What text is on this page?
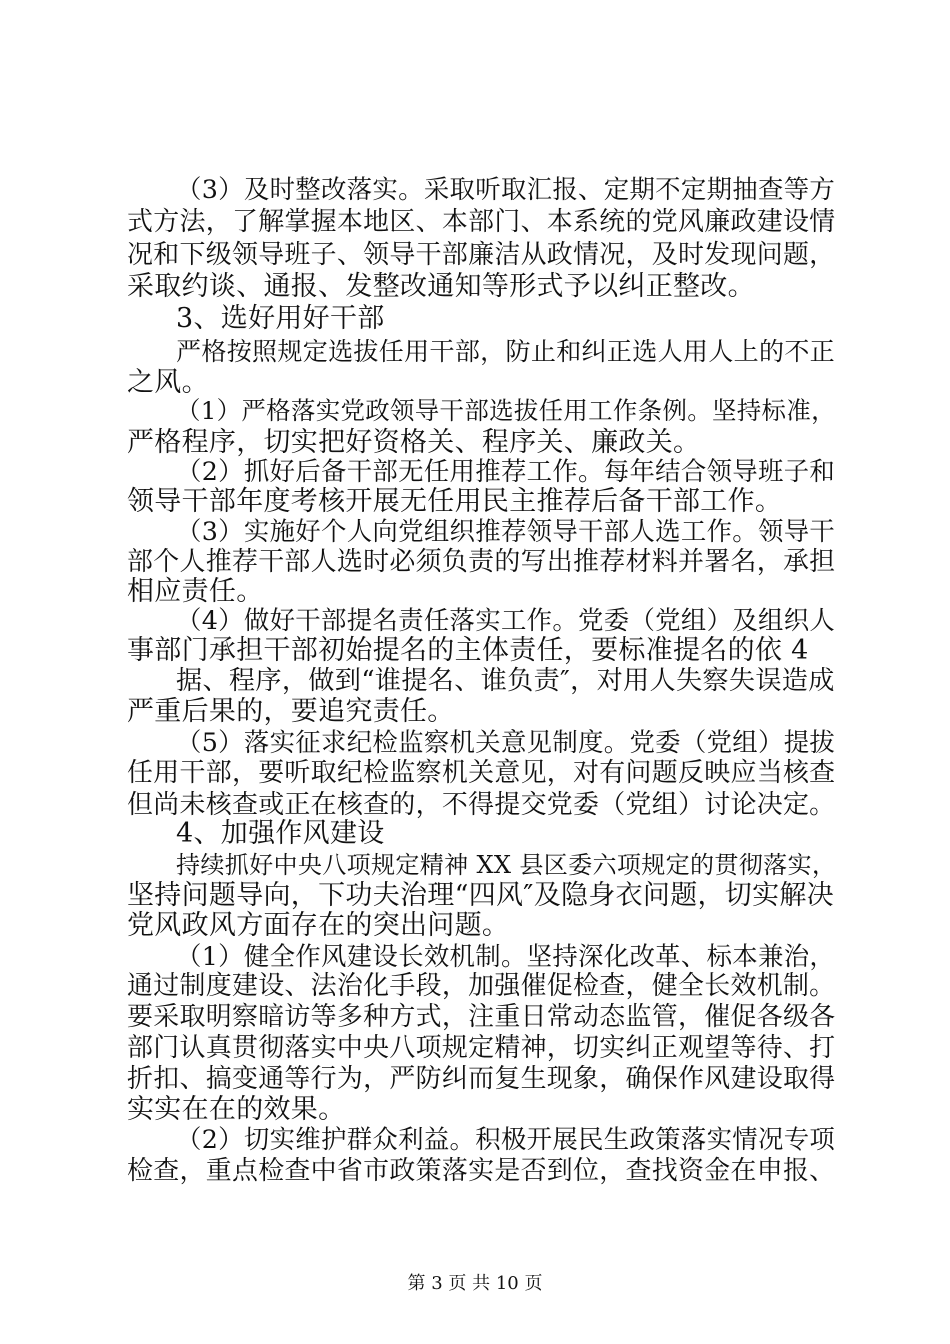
（3）及时整改落实。采取听取汇报、定期不定期抽查等方
式方法，了解掌握本地区、本部门、本系统的党风廉政建设情
况和下级领导班子、领导干部廉洁从政情况，及时发现问题，
采取约谈、通报、发整改通知等形式予以纠正整改。
3、选好用好干部
严格按照规定选拔任用干部，防止和纠正选人用人上的不正
之风。
（1）严格落实党政领导干部选拔任用工作条例。坚持标准，
严格程序，切实把好资格关、程序关、廉政关。
（2）抓好后备干部无任用推荐工作。每年结合领导班子和
领导干部年度考核开展无任用民主推荐后备干部工作。
（3）实施好个人向党组织推荐领导干部人选工作。领导干
部个人推荐干部人选时必须负责的写出推荐材料并署名，承担
相应责任。
（4）做好干部提名责任落实工作。党委（党组）及组织人
事部门承担干部初始提名的主体责任，要标准提名的依 4
据、程序，做到“谁提名、谁负责″，对用人失察失误造成
严重后果的，要追究责任。
（5）落实征求纪检监察机关意见制度。党委（党组）提拔
任用干部，要听取纪检监察机关意见，对有问题反映应当核查
但尚未核查或正在核查的，不得提交党委（党组）讨论决定。
4、加强作风建设
持续抓好中央八项规定精神 XX 县区委六项规定的贯彻落实，
坚持问题导向，下功夫治理“四风″及隐身衣问题，切实解决
党风政风方面存在的突出问题。
（1）健全作风建设长效机制。坚持深化改革、标本兼治，
通过制度建设、法治化手段，加强催促检查，健全长效机制。
要采取明察暗访等多种方式，注重日常动态监管，催促各级各
部门认真贯彻落实中央八项规定精神，切实纠正观望等待、打
折扣、搞变通等行为，严防纠而复生现象，确保作风建设取得
实实在在的效果。
（2）切实维护群众利益。积极开展民生政策落实情况专项
检查，重点检查中省市政策落实是否到位，查找资金在申报、
第 3 页 共 10 页
